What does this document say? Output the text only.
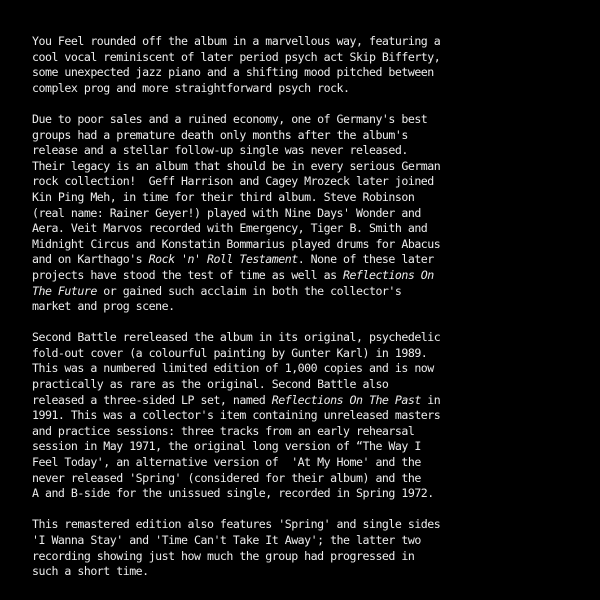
You Feel rounded off the album in a marvellous way, featuring a
cool vocal reminiscent of later period psych act Skip Bifferty,
some unexpected jazz piano and a shifting mood pitched between
complex prog and more straightforward psych rock.
Due to poor sales and a ruined economy, one of Germany's best
groups had a premature death only months after the album's
release and a stellar follow-up single was never released.
Their legacy is an album that should be in every serious German
rock collection!  Geff Harrison and Cagey Mrozeck later joined
Kin Ping Meh, in time for their third album. Steve Robinson
(real name: Rainer Geyer!) played with Nine Days' Wonder and
Aera. Veit Marvos recorded with Emergency, Tiger B. Smith and
Midnight Circus and Konstatin Bommarius played drums for Abacus
and on Karthago's Rock 'n' Roll Testament. None of these later
projects have stood the test of time as well as Reflections On
The Future or gained such acclaim in both the collector's
market and prog scene.
Second Battle rereleased the album in its original, psychedelic
fold-out cover (a colourful painting by Gunter Karl) in 1989.
This was a numbered limited edition of 1,000 copies and is now
practically as rare as the original. Second Battle also
released a three-sided LP set, named Reflections On The Past in
1991. This was a collector's item containing unreleased masters
and practice sessions: three tracks from an early rehearsal
session in May 1971, the original long version of “The Way I
Feel Today', an alternative version of  'At My Home' and the
never released 'Spring' (considered for their album) and the
A and B-side for the unissued single, recorded in Spring 1972.
This remastered edition also features 'Spring' and single sides
'I Wanna Stay' and 'Time Can't Take It Away'; the latter two
recording showing just how much the group had progressed in
such a short time.
